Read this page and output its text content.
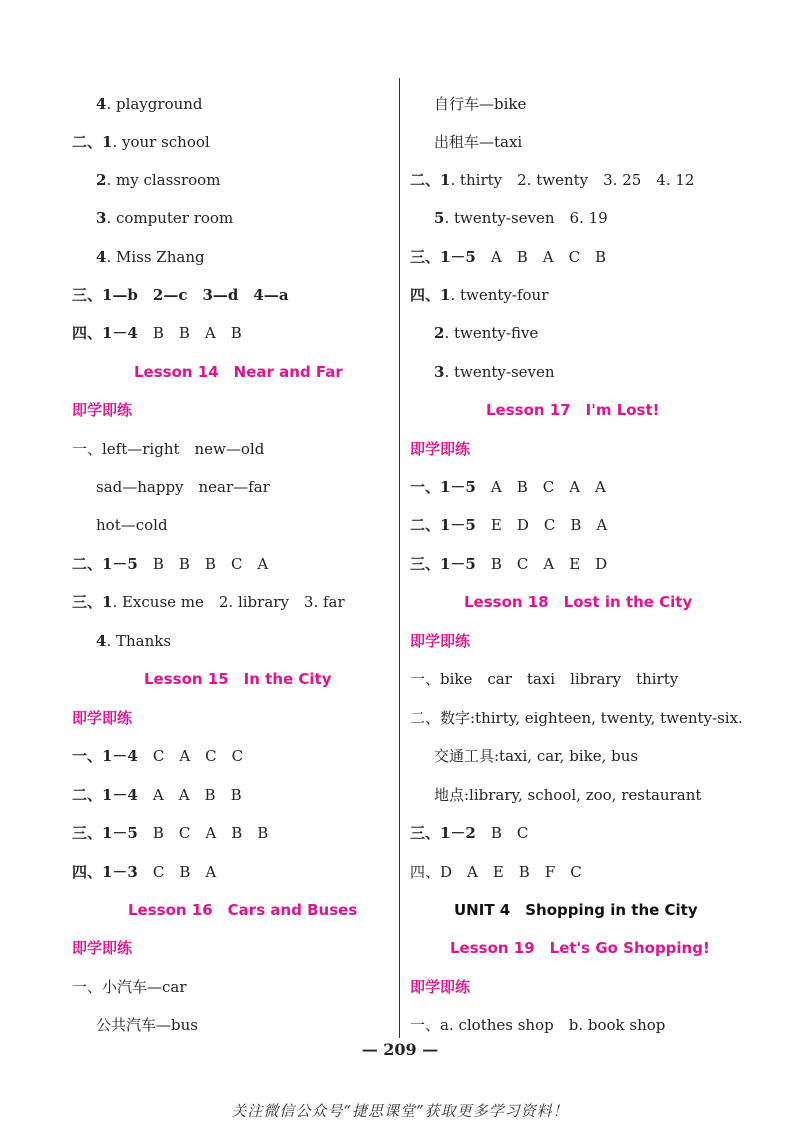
4. playground
二、1. your school
2. my classroom
3. computer room
4. Miss Zhang
三、1—b　2—c　3—d　4—a
四、1－4　B　B　A　B
Lesson 14　Near and Far
即学即练
一、left—right　new—old
sad—happy　near—far
hot—cold
二、1－5　B　B　B　C　A
三、1. Excuse me　2. library　3. far
4. Thanks
Lesson 15　In the City
即学即练
一、1－4　C　A　C　C
二、1－4　A　A　B　B
三、1－5　B　C　A　B　B
四、1－3　C　B　A
Lesson 16　Cars and Buses
即学即练
一、小汽车—car
公共汽车—bus
自行车—bike
出租车—taxi
二、1. thirty　2. twenty　3. 25　4. 12
5. twenty-seven　6. 19
三、1－5　A　B　A　C　B
四、1. twenty-four
2. twenty-five
3. twenty-seven
Lesson 17　I'm Lost!
即学即练
一、1－5　A　B　C　A　A
二、1－5　E　D　C　B　A
三、1－5　B　C　A　E　D
Lesson 18　Lost in the City
即学即练
一、bike　car　taxi　library　thirty
二、数字:thirty, eighteen, twenty, twenty-six.
交通工具:taxi, car, bike, bus
地点:library, school, zoo, restaurant
三、1－2　B　C
四、D　A　E　B　F　C
UNIT 4　Shopping in the City
Lesson 19　Let's Go Shopping!
即学即练
一、a. clothes shop　b. book shop
— 209 —
关注微信公众号“捷思课堂”获取更多学习资料！
